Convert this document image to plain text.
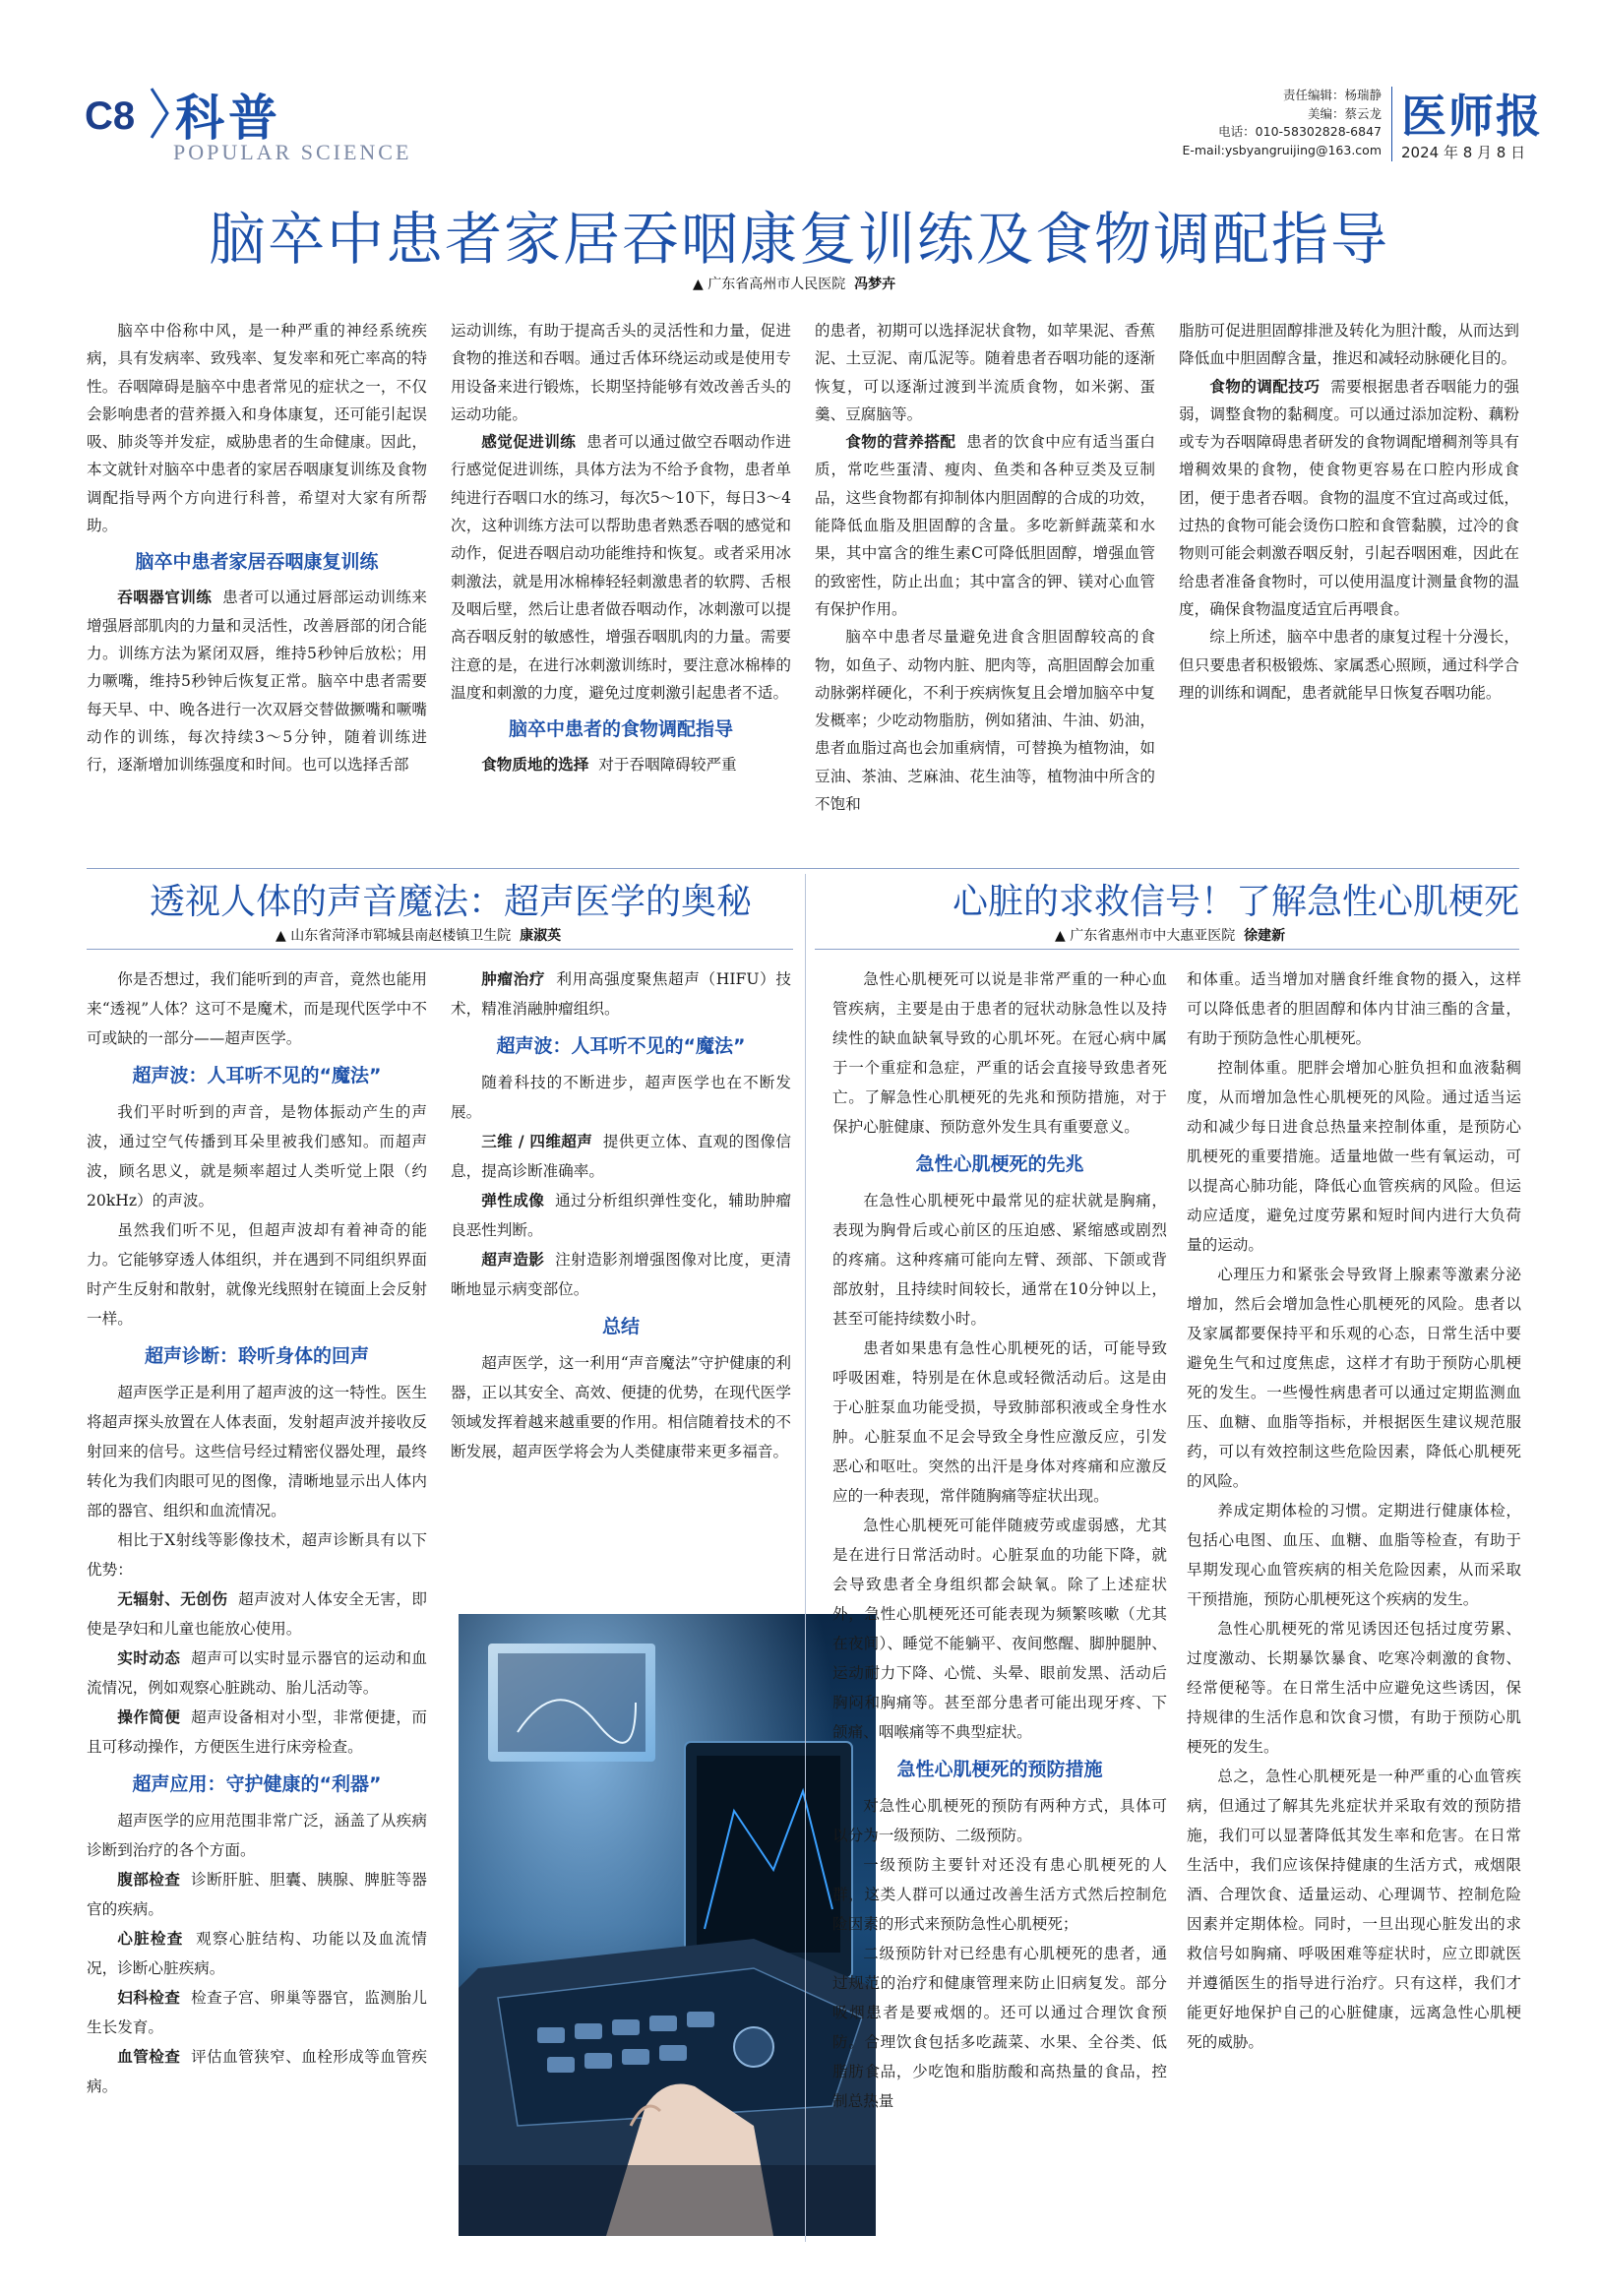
C8 科普
POPULAR SCIENCE
责任编辑：杨瑞静
美编：蔡云龙
电话：010-58302828-6847
E-mail:ysbyangruijing@163.com
医师报
2024 年 8 月 8 日
脑卒中患者家居吞咽康复训练及食物调配指导
▲ 广东省高州市人民医院 冯梦卉

脑卒中俗称中风，是一种严重的神经系统疾病，具有发病率、致残率、复发率和死亡率高的特性。吞咽障碍是脑卒中患者常见的症状之一，不仅会影响患者的营养摄入和身体康复，还可能引起误吸、肺炎等并发症，威胁患者的生命健康。因此，本文就针对脑卒中患者的家居吞咽康复训练及食物调配指导两个方向进行科普，希望对大家有所帮助。

脑卒中患者家居吞咽康复训练

吞咽器官训练 患者可以通过唇部运动训练来增强唇部肌肉的力量和灵活性，改善唇部的闭合能力。训练方法为紧闭双唇，维持5秒钟后放松；用力噘嘴，维持5秒钟后恢复正常。脑卒中患者需要每天早、中、晚各进行一次双唇交替做撅嘴和噘嘴动作的训练，每次持续3～5分钟，随着训练进行，逐渐增加训练强度和时间。也可以选择舌部

运动训练，有助于提高舌头的灵活性和力量，促进食物的推送和吞咽。通过舌体环绕运动或是使用专用设备来进行锻炼，长期坚持能够有效改善舌头的运动功能。

感觉促进训练 患者可以通过做空吞咽动作进行感觉促进训练，具体方法为不给予食物，患者单纯进行吞咽口水的练习，每次5～10下，每日3～4次，这种训练方法可以帮助患者熟悉吞咽的感觉和动作，促进吞咽启动功能维持和恢复。或者采用冰刺激法，就是用冰棉棒轻轻刺激患者的软腭、舌根及咽后壁，然后让患者做吞咽动作，冰刺激可以提高吞咽反射的敏感性，增强吞咽肌肉的力量。需要注意的是，在进行冰刺激训练时，要注意冰棉棒的温度和刺激的力度，避免过度刺激引起患者不适。

脑卒中患者的食物调配指导

食物质地的选择 对于吞咽障碍较严重

的患者，初期可以选择泥状食物，如苹果泥、香蕉泥、土豆泥、南瓜泥等。随着患者吞咽功能的逐渐恢复，可以逐渐过渡到半流质食物，如米粥、蛋羹、豆腐脑等。

食物的营养搭配 患者的饮食中应有适当蛋白质，常吃些蛋清、瘦肉、鱼类和各种豆类及豆制品，这些食物都有抑制体内胆固醇的合成的功效，能降低血脂及胆固醇的含量。多吃新鲜蔬菜和水果，其中富含的维生素C可降低胆固醇，增强血管的致密性，防止出血；其中富含的钾、镁对心血管有保护作用。

脑卒中患者尽量避免进食含胆固醇较高的食物，如鱼子、动物内脏、肥肉等，高胆固醇会加重动脉粥样硬化，不利于疾病恢复且会增加脑卒中复发概率；少吃动物脂肪，例如猪油、牛油、奶油，患者血脂过高也会加重病情，可替换为植物油，如豆油、茶油、芝麻油、花生油等，植物油中所含的不饱和

脂肪可促进胆固醇排泄及转化为胆汁酸，从而达到降低血中胆固醇含量，推迟和减轻动脉硬化目的。

食物的调配技巧 需要根据患者吞咽能力的强弱，调整食物的黏稠度。可以通过添加淀粉、藕粉或专为吞咽障碍患者研发的食物调配增稠剂等具有增稠效果的食物，使食物更容易在口腔内形成食团，便于患者吞咽。食物的温度不宜过高或过低，过热的食物可能会烫伤口腔和食管黏膜，过冷的食物则可能会刺激吞咽反射，引起吞咽困难，因此在给患者准备食物时，可以使用温度计测量食物的温度，确保食物温度适宜后再喂食。

综上所述，脑卒中患者的康复过程十分漫长，但只要患者积极锻炼、家属悉心照顾，通过科学合理的训练和调配，患者就能早日恢复吞咽功能。

透视人体的声音魔法：超声医学的奥秘
▲ 山东省菏泽市郓城县南赵楼镇卫生院 康淑英

你是否想过，我们能听到的声音，竟然也能用来“透视”人体？这可不是魔术，而是现代医学中不可或缺的一部分——超声医学。

超声波：人耳听不见的“魔法”

我们平时听到的声音，是物体振动产生的声波，通过空气传播到耳朵里被我们感知。而超声波，顾名思义，就是频率超过人类听觉上限（约20kHz）的声波。

虽然我们听不见，但超声波却有着神奇的能力。它能够穿透人体组织，并在遇到不同组织界面时产生反射和散射，就像光线照射在镜面上会反射一样。

超声诊断：聆听身体的回声

超声医学正是利用了超声波的这一特性。医生将超声探头放置在人体表面，发射超声波并接收反射回来的信号。这些信号经过精密仪器处理，最终转化为我们肉眼可见的图像，清晰地显示出人体内部的器官、组织和血流情况。

相比于X射线等影像技术，超声诊断具有以下优势：

无辐射、无创伤 超声波对人体安全无害，即使是孕妇和儿童也能放心使用。

实时动态 超声可以实时显示器官的运动和血流情况，例如观察心脏跳动、胎儿活动等。

操作简便 超声设备相对小型，非常便捷，而且可移动操作，方便医生进行床旁检查。

超声应用：守护健康的“利器”

超声医学的应用范围非常广泛，涵盖了从疾病诊断到治疗的各个方面。

腹部检查 诊断肝脏、胆囊、胰腺、脾脏等器官的疾病。

心脏检查 观察心脏结构、功能以及血流情况，诊断心脏疾病。

妇科检查 检查子宫、卵巢等器官，监测胎儿生长发育。

血管检查 评估血管狭窄、血栓形成等血管疾病。

肿瘤治疗 利用高强度聚焦超声（HIFU）技术，精准消融肿瘤组织。

超声波：人耳听不见的“魔法”

随着科技的不断进步，超声医学也在不断发展。

三维 / 四维超声 提供更立体、直观的图像信息，提高诊断准确率。

弹性成像 通过分析组织弹性变化，辅助肿瘤良恶性判断。

超声造影 注射造影剂增强图像对比度，更清晰地显示病变部位。

总结

超声医学，这一利用“声音魔法”守护健康的利器，正以其安全、高效、便捷的优势，在现代医学领域发挥着越来越重要的作用。相信随着技术的不断发展，超声医学将会为人类健康带来更多福音。

心脏的求救信号！了解急性心肌梗死
▲ 广东省惠州市中大惠亚医院 徐建新

急性心肌梗死可以说是非常严重的一种心血管疾病，主要是由于患者的冠状动脉急性以及持续性的缺血缺氧导致的心肌坏死。在冠心病中属于一个重症和急症，严重的话会直接导致患者死亡。了解急性心肌梗死的先兆和预防措施，对于保护心脏健康、预防意外发生具有重要意义。

急性心肌梗死的先兆

在急性心肌梗死中最常见的症状就是胸痛，表现为胸骨后或心前区的压迫感、紧缩感或剧烈的疼痛。这种疼痛可能向左臂、颈部、下颌或背部放射，且持续时间较长，通常在10分钟以上，甚至可能持续数小时。

患者如果患有急性心肌梗死的话，可能导致呼吸困难，特别是在休息或轻微活动后。这是由于心脏泵血功能受损，导致肺部积液或全身性水肿。心脏泵血不足会导致全身性应激反应，引发恶心和呕吐。突然的出汗是身体对疼痛和应激反应的一种表现，常伴随胸痛等症状出现。

急性心肌梗死可能伴随疲劳或虚弱感，尤其是在进行日常活动时。心脏泵血的功能下降，就会导致患者全身组织都会缺氧。除了上述症状外，急性心肌梗死还可能表现为频繁咳嗽（尤其在夜间）、睡觉不能躺平、夜间憋醒、脚肿腿肿、运动耐力下降、心慌、头晕、眼前发黑、活动后胸闷和胸痛等。甚至部分患者可能出现牙疼、下颌痛、咽喉痛等不典型症状。

急性心肌梗死的预防措施

对急性心肌梗死的预防有两种方式，具体可以分为一级预防、二级预防。

一级预防主要针对还没有患心肌梗死的人群，这类人群可以通过改善生活方式然后控制危险因素的形式来预防急性心肌梗死；

二级预防针对已经患有心肌梗死的患者，通过规范的治疗和健康管理来防止旧病复发。部分吸烟患者是要戒烟的。还可以通过合理饮食预防。合理饮食包括多吃蔬菜、水果、全谷类、低脂肪食品，少吃饱和脂肪酸和高热量的食品，控制总热量

和体重。适当增加对膳食纤维食物的摄入，这样可以降低患者的胆固醇和体内甘油三酯的含量，有助于预防急性心肌梗死。

控制体重。肥胖会增加心脏负担和血液黏稠度，从而增加急性心肌梗死的风险。通过适当运动和减少每日进食总热量来控制体重，是预防心肌梗死的重要措施。适量地做一些有氧运动，可以提高心肺功能，降低心血管疾病的风险。但运动应适度，避免过度劳累和短时间内进行大负荷量的运动。

心理压力和紧张会导致肾上腺素等激素分泌增加，然后会增加急性心肌梗死的风险。患者以及家属都要保持平和乐观的心态，日常生活中要避免生气和过度焦虑，这样才有助于预防心肌梗死的发生。一些慢性病患者可以通过定期监测血压、血糖、血脂等指标，并根据医生建议规范服药，可以有效控制这些危险因素，降低心肌梗死的风险。

养成定期体检的习惯。定期进行健康体检，包括心电图、血压、血糖、血脂等检查，有助于早期发现心血管疾病的相关危险因素，从而采取干预措施，预防心肌梗死这个疾病的发生。

急性心肌梗死的常见诱因还包括过度劳累、过度激动、长期暴饮暴食、吃寒冷刺激的食物、经常便秘等。在日常生活中应避免这些诱因，保持规律的生活作息和饮食习惯，有助于预防心肌梗死的发生。

总之，急性心肌梗死是一种严重的心血管疾病，但通过了解其先兆症状并采取有效的预防措施，我们可以显著降低其发生率和危害。在日常生活中，我们应该保持健康的生活方式，戒烟限酒、合理饮食、适量运动、心理调节、控制危险因素并定期体检。同时，一旦出现心脏发出的求救信号如胸痛、呼吸困难等症状时，应立即就医并遵循医生的指导进行治疗。只有这样，我们才能更好地保护自己的心脏健康，远离急性心肌梗死的威胁。
